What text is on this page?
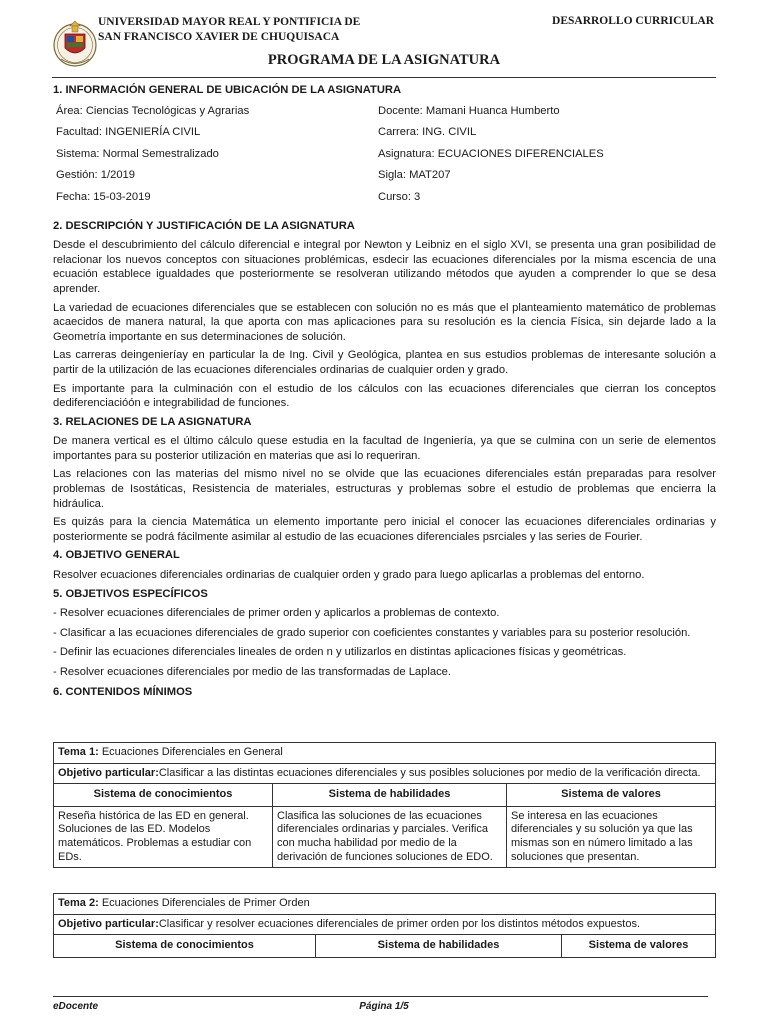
UNIVERSIDAD MAYOR REAL Y PONTIFICIA DE
SAN FRANCISCO XAVIER DE CHUQUISACA
DESARROLLO CURRICULAR
PROGRAMA DE LA ASIGNATURA
1. INFORMACIÓN GENERAL DE UBICACIÓN DE LA ASIGNATURA
Área: Ciencias Tecnológicas y Agrarias	Docente: Mamani Huanca Humberto
Facultad: INGENIERÍA CIVIL	Carrera: ING. CIVIL
Sistema: Normal Semestralizado	Asignatura: ECUACIONES DIFERENCIALES
Gestión: 1/2019	Sigla: MAT207
Fecha: 15-03-2019	Curso: 3
2. DESCRIPCIÓN Y JUSTIFICACIÓN DE LA ASIGNATURA

Desde el descubrimiento del cálculo diferencial e integral por Newton y Leibniz en el siglo XVI, se presenta una gran posibilidad de relacionar los nuevos conceptos con situaciones problémicas, esdecir las ecuaciones diferenciales por la misma escencia de una ecuación establece igualdades que posteriormente se resolveran utilizando métodos que ayuden a comprender lo que se desa aprender.

La variedad de ecuaciones diferenciales que se establecen con solución no es más que el planteamiento matemático de problemas acaecidos de manera natural, la que aporta con mas aplicaciones para su resolución es la ciencia Física, sin dejarde lado a la Geometría importante en sus determinaciones de solución.

Las carreras deingenieríay en particular la de Ing. Civil y Geológica, plantea en sus estudios problemas de interesante solución a partir de la utilización de las ecuaciones diferenciales ordinarias de cualquier orden y grado.

Es importante para la culminación con el estudio de los cálculos con las ecuaciones diferenciales que cierran los conceptos dediferenciacióón e integrabilidad de funciones.

3. RELACIONES DE LA ASIGNATURA

De manera vertical es el último cálculo quese estudia en la facultad de Ingeniería, ya que se culmina con un serie de elementos importantes para su posterior utilización en materias que asi lo requeriran.

Las relaciones con las materias del mismo nivel no se olvide que las ecuaciones diferenciales están preparadas para resolver problemas de Isostáticas, Resistencia de materiales, estructuras y problemas sobre el estudio de problemas que encierra la hidráulica.

Es quizás para la ciencia Matemática un elemento importante pero inicial el conocer las ecuaciones diferenciales ordinarias y posteriormente se podrá fácilmente asimilar al estudio de las ecuaciones diferenciales psrciales y las series de Fourier.

4. OBJETIVO GENERAL

Resolver ecuaciones diferenciales ordinarias de cualquier orden y grado para luego aplicarlas a problemas del entorno.

5. OBJETIVOS ESPECÍFICOS

- Resolver ecuaciones diferenciales de primer orden y aplicarlos a problemas de contexto.

- Clasificar a las ecuaciones diferenciales de grado superior con coeficientes constantes y variables para su posterior resolución.

- Definir las ecuaciones diferenciales lineales de orden n y utilizarlos en distintas aplicaciones físicas y geométricas.

- Resolver ecuaciones diferenciales por medio de las transformadas de Laplace.

6. CONTENIDOS MÍNIMOS
Tema 1: Ecuaciones Diferenciales en General		
Objetivo particular:Clasificar a las distintas ecuaciones diferenciales y sus posibles soluciones por medio de la verificación directa.		
Sistema de conocimientos	Sistema de habilidades	Sistema de valores
Reseña histórica de las ED en general. Soluciones de las ED. Modelos matemáticos. Problemas a estudiar con EDs.	Clasifica las soluciones de las ecuaciones diferenciales ordinarias y parciales. Verifica con mucha habilidad por medio de la derivación de funciones soluciones de EDO.	Se interesa en las ecuaciones diferenciales y su solución ya que las mismas son en número limitado a las soluciones que presentan.
Tema 2: Ecuaciones Diferenciales de Primer Orden
Objetivo particular:Clasificar y resolver ecuaciones diferenciales de primer orden por los distintos métodos expuestos.
Sistema de conocimientos	Sistema de habilidades	Sistema de valores
eDocente	Página 1/5
